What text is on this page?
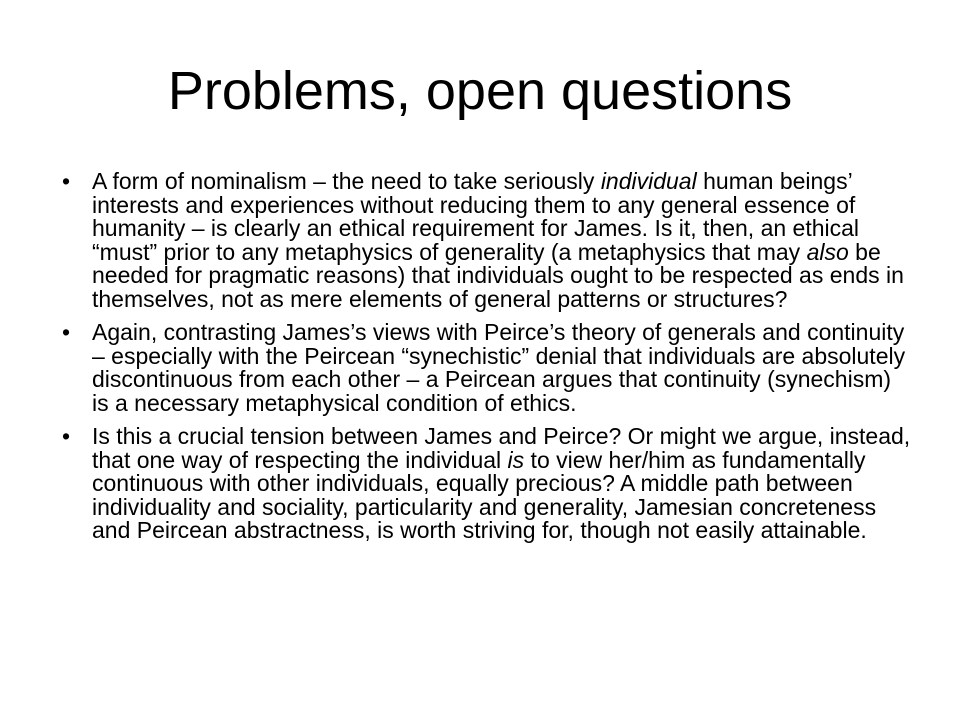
Problems, open questions
• A form of nominalism – the need to take seriously individual human beings’ interests and experiences without reducing them to any general essence of humanity – is clearly an ethical requirement for James. Is it, then, an ethical “must” prior to any metaphysics of generality (a metaphysics that may also be needed for pragmatic reasons) that individuals ought to be respected as ends in themselves, not as mere elements of general patterns or structures?
• Again, contrasting James’s views with Peirce’s theory of generals and continuity – especially with the Peircean “synechistic” denial that individuals are absolutely discontinuous from each other – a Peircean argues that continuity (synechism) is a necessary metaphysical condition of ethics.
• Is this a crucial tension between James and Peirce? Or might we argue, instead, that one way of respecting the individual is to view her/him as fundamentally continuous with other individuals, equally precious? A middle path between individuality and sociality, particularity and generality, Jamesian concreteness and Peircean abstractness, is worth striving for, though not easily attainable.
